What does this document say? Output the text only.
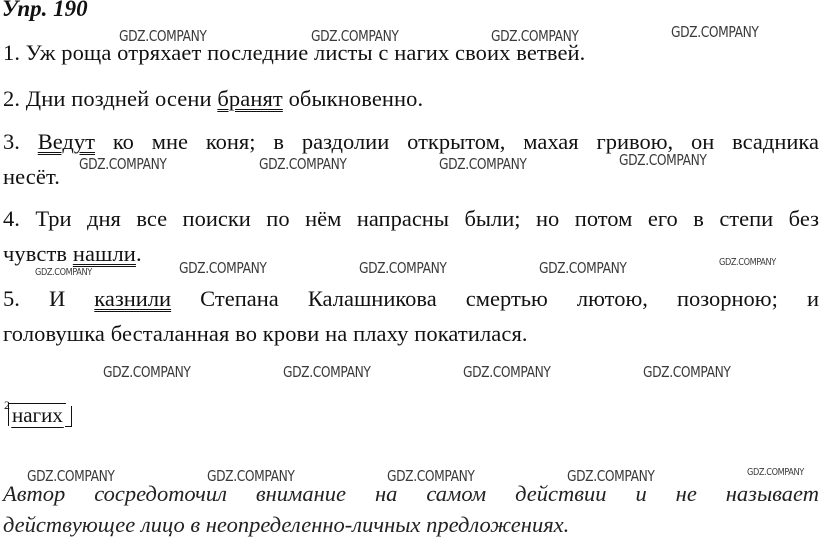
Упр. 190
1. Уж роща отряхает последние листы с нагих своих ветвей.
2. Дни поздней осени бранят обыкновенно.
3. Ведут ко мне коня; в раздолии открытом, махая гривою, он всадника
несёт.
4. Три дня все поиски по нём напрасны были; но потом его в степи без
чувств нашли.
5. И казнили Степана Калашникова смертью лютою, позорною; и
головушка бесталанная во крови на плаху покатилася.
2 нагих
Автор сосредоточил внимание на самом действии и не называет
действующее лицо в неопределенно-личных предложениях.
GDZ.COMPANY	GDZ.COMPANY	GDZ.COMPANY	GDZ.COMPANY
GDZ.COMPANY	GDZ.COMPANY	GDZ.COMPANY	GDZ.COMPANY
GDZ.COMPANY	GDZ.COMPANY	GDZ.COMPANY	GDZ.COMPANY	GDZ.COMPANY
GDZ.COMPANY	GDZ.COMPANY	GDZ.COMPANY	GDZ.COMPANY
GDZ.COMPANY	GDZ.COMPANY	GDZ.COMPANY	GDZ.COMPANY	GDZ.COMPANY
